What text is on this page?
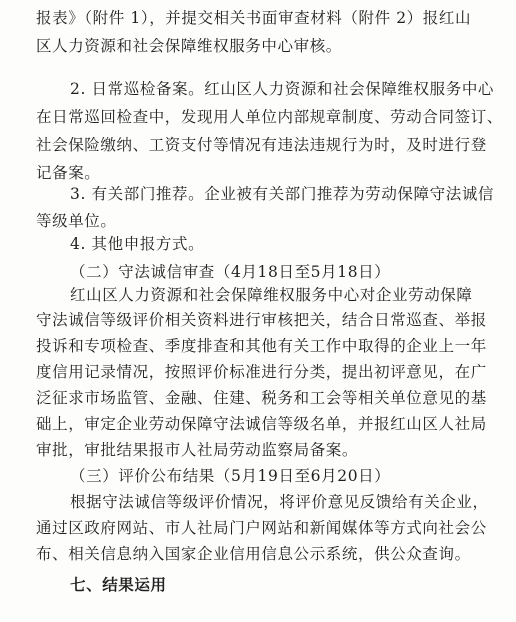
报表》（附件 1），并提交相关书面审查材料（附件 2）报红山
区人力资源和社会保障维权服务中心审核。
2. 日常巡检备案。红山区人力资源和社会保障维权服务中心
在日常巡回检查中，发现用人单位内部规章制度、劳动合同签订、
社会保险缴纳、工资支付等情况有违法违规行为时，及时进行登
记备案。
3. 有关部门推荐。企业被有关部门推荐为劳动保障守法诚信
等级单位。
4. 其他申报方式。
（二）守法诚信审查（4月18日至5月18日）
红山区人力资源和社会保障维权服务中心对企业劳动保障
守法诚信等级评价相关资料进行审核把关，结合日常巡查、举报
投诉和专项检查、季度排查和其他有关工作中取得的企业上一年
度信用记录情况，按照评价标准进行分类，提出初评意见，在广
泛征求市场监管、金融、住建、税务和工会等相关单位意见的基
础上，审定企业劳动保障守法诚信等级名单，并报红山区人社局
审批，审批结果报市人社局劳动监察局备案。
（三）评价公布结果（5月19日至6月20日）
根据守法诚信等级评价情况，将评价意见反馈给有关企业，
通过区政府网站、市人社局门户网站和新闻媒体等方式向社会公
布、相关信息纳入国家企业信用信息公示系统，供公众查询。
七、结果运用
